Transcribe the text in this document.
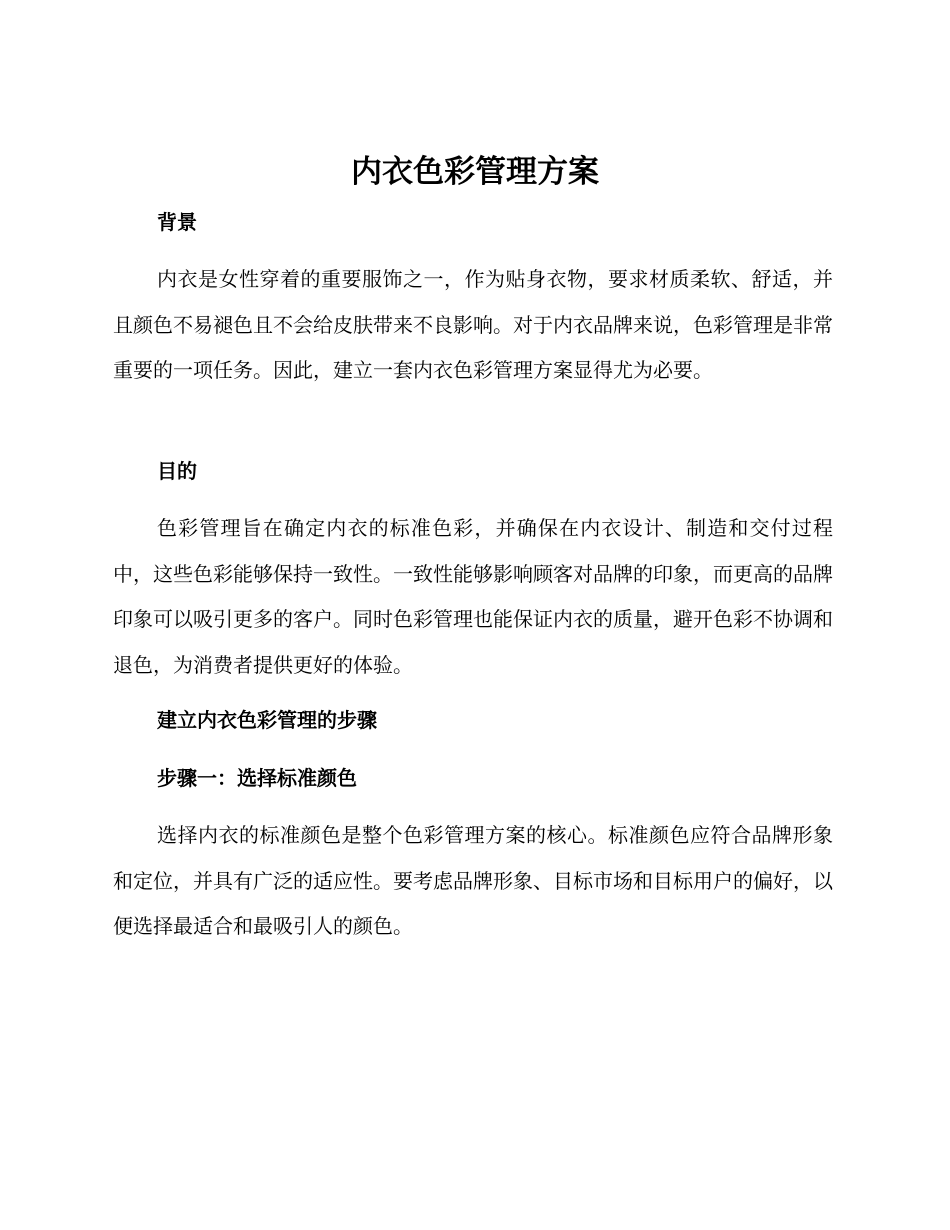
内衣色彩管理方案
背景

内衣是女性穿着的重要服饰之一，作为贴身衣物，要求材质柔软、舒适，并且颜色不易褪色且不会给皮肤带来不良影响。对于内衣品牌来说，色彩管理是非常重要的一项任务。因此，建立一套内衣色彩管理方案显得尤为必要。

目的

色彩管理旨在确定内衣的标准色彩，并确保在内衣设计、制造和交付过程中，这些色彩能够保持一致性。一致性能够影响顾客对品牌的印象，而更高的品牌印象可以吸引更多的客户。同时色彩管理也能保证内衣的质量，避开色彩不协调和退色，为消费者提供更好的体验。

建立内衣色彩管理的步骤
步骤一：选择标准颜色

选择内衣的标准颜色是整个色彩管理方案的核心。标准颜色应符合品牌形象和定位，并具有广泛的适应性。要考虑品牌形象、目标市场和目标用户的偏好，以便选择最适合和最吸引人的颜色。
